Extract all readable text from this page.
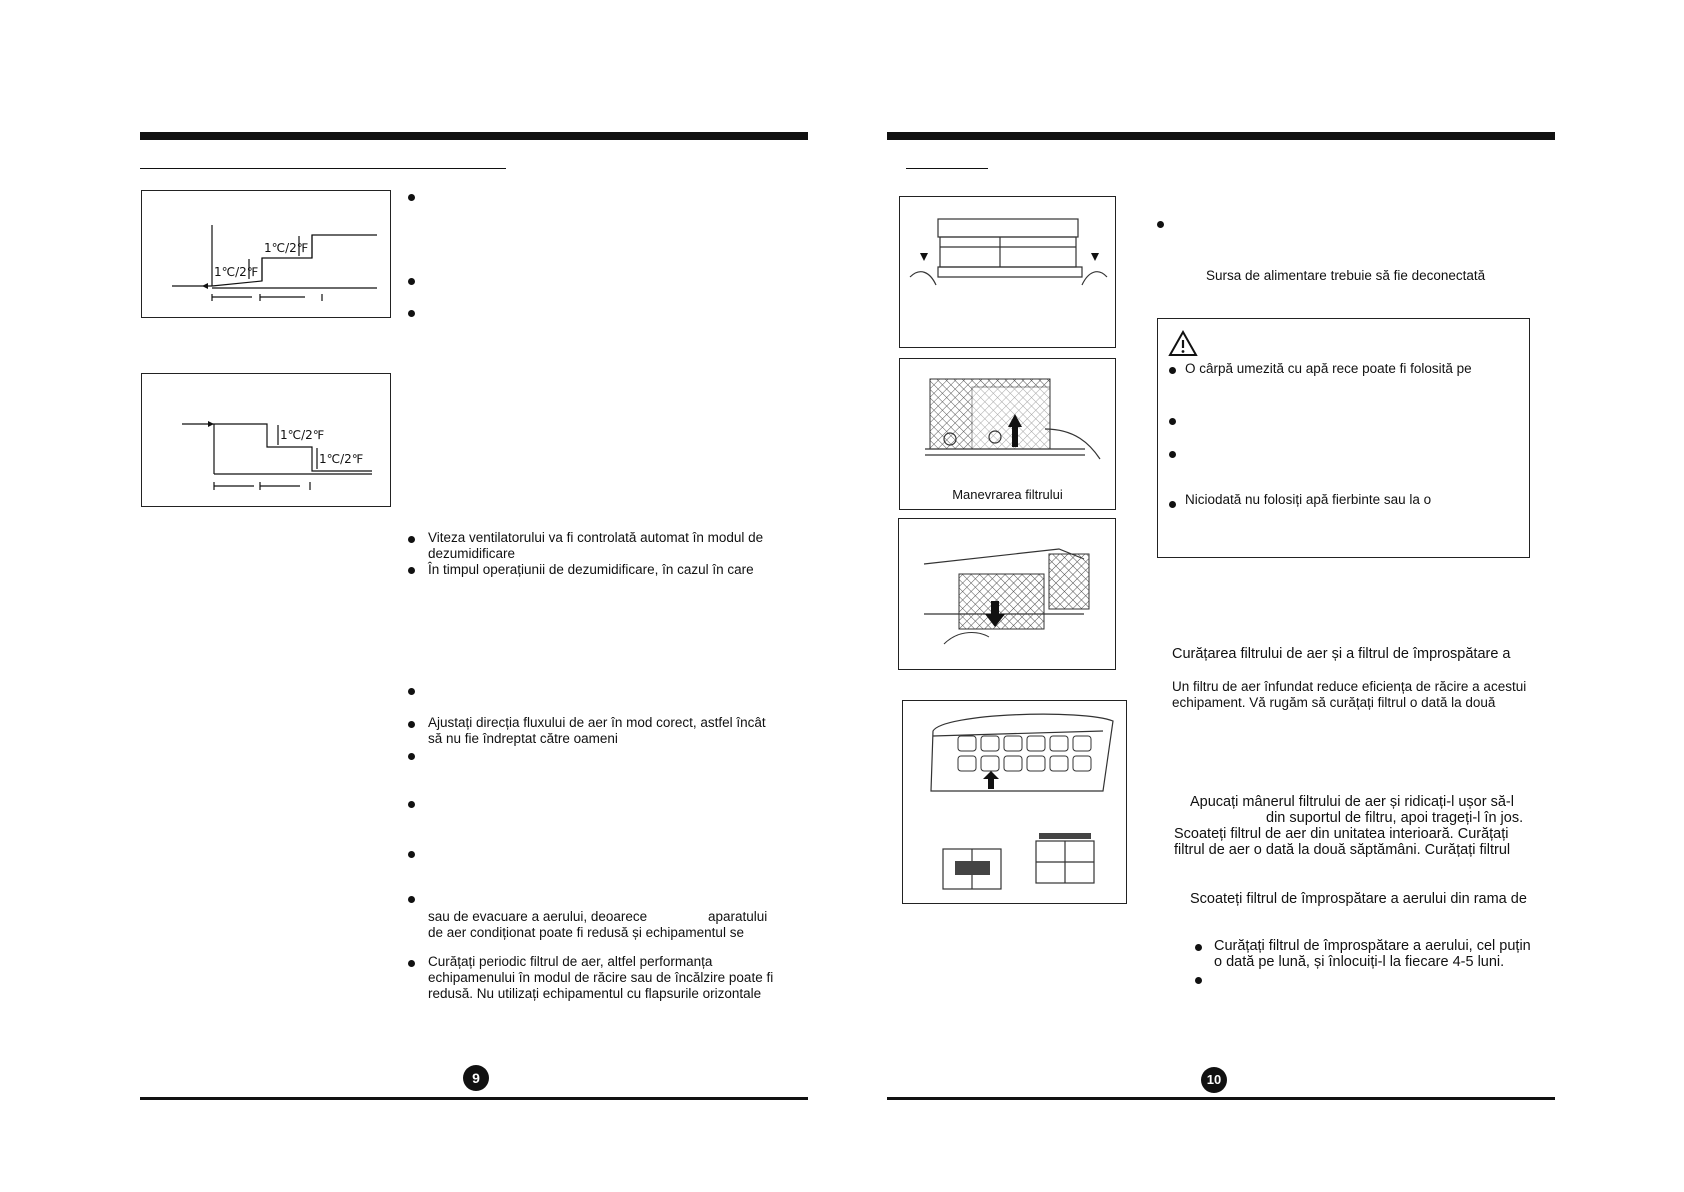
1℃/2℉
1℃/2℉
1℃/2℉
1℃/2℉
Viteza ventilatorului va fi controlată automat în modul de
dezumidificare
În timpul operațiunii de dezumidificare, în cazul în care
Ajustați direcția fluxului de aer în mod corect, astfel încât
să nu fie îndreptat către oameni
sau de evacuare a aerului, deoarece	aparatului
de aer condiționat poate fi redusă și echipamentul se
Curățați periodic filtrul de aer, altfel performanța
echipamenului în modul de răcire sau de încălzire poate fi
redusă. Nu utilizați echipamentul cu flapsurile orizontale
9
Manevrarea filtrului
Sursa de alimentare trebuie să fie deconectată
O cârpă umezită cu apă rece poate fi folosită pe
Niciodată nu folosiți apă fierbinte sau la o
Curățarea filtrului de aer și a filtrul de împrospătare a
Un filtru de aer înfundat reduce eficiența de răcire a acestui
echipament. Vă rugăm să curățați filtrul o dată la două
Apucați mânerul filtrului de aer și ridicați-l ușor să-l
din suportul de filtru, apoi trageți-l în jos.
Scoateți filtrul de aer din unitatea interioară. Curățați
filtrul de aer o dată la două săptămâni. Curățați filtrul
Scoateți filtrul de împrospătare a aerului din rama de
Curățați filtrul de împrospătare a aerului, cel puțin
o dată pe lună, și înlocuiți-l la fiecare 4-5 luni.
10
